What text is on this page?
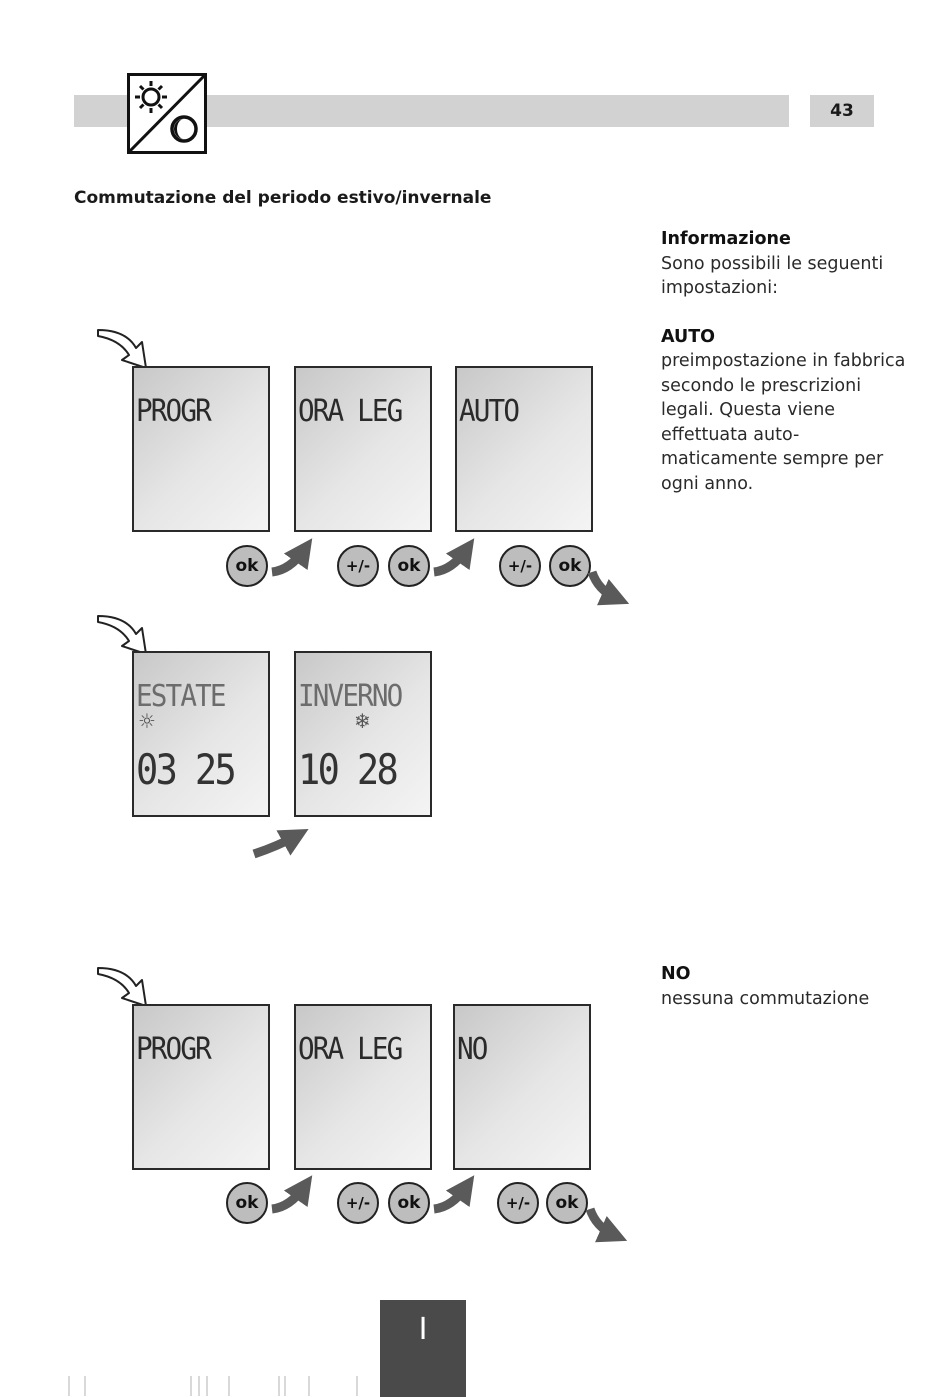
43
Commutazione del periodo estivo/invernale
Informazione
Sono possibili le seguenti impostazioni:
AUTO
preimpostazione in fabbrica secondo le prescrizioni legali. Questa viene effettuata auto-maticamente sempre per ogni anno.
NO
nessuna commutazione
PROGR	ORA LEG AUTO
ok	+/-	ok	+/-	ok
ESTATE
☼
03 25
INVERNO
❄
10 28
PROGR	ORA LEG NO
ok	+/-	ok	+/-	ok
I
